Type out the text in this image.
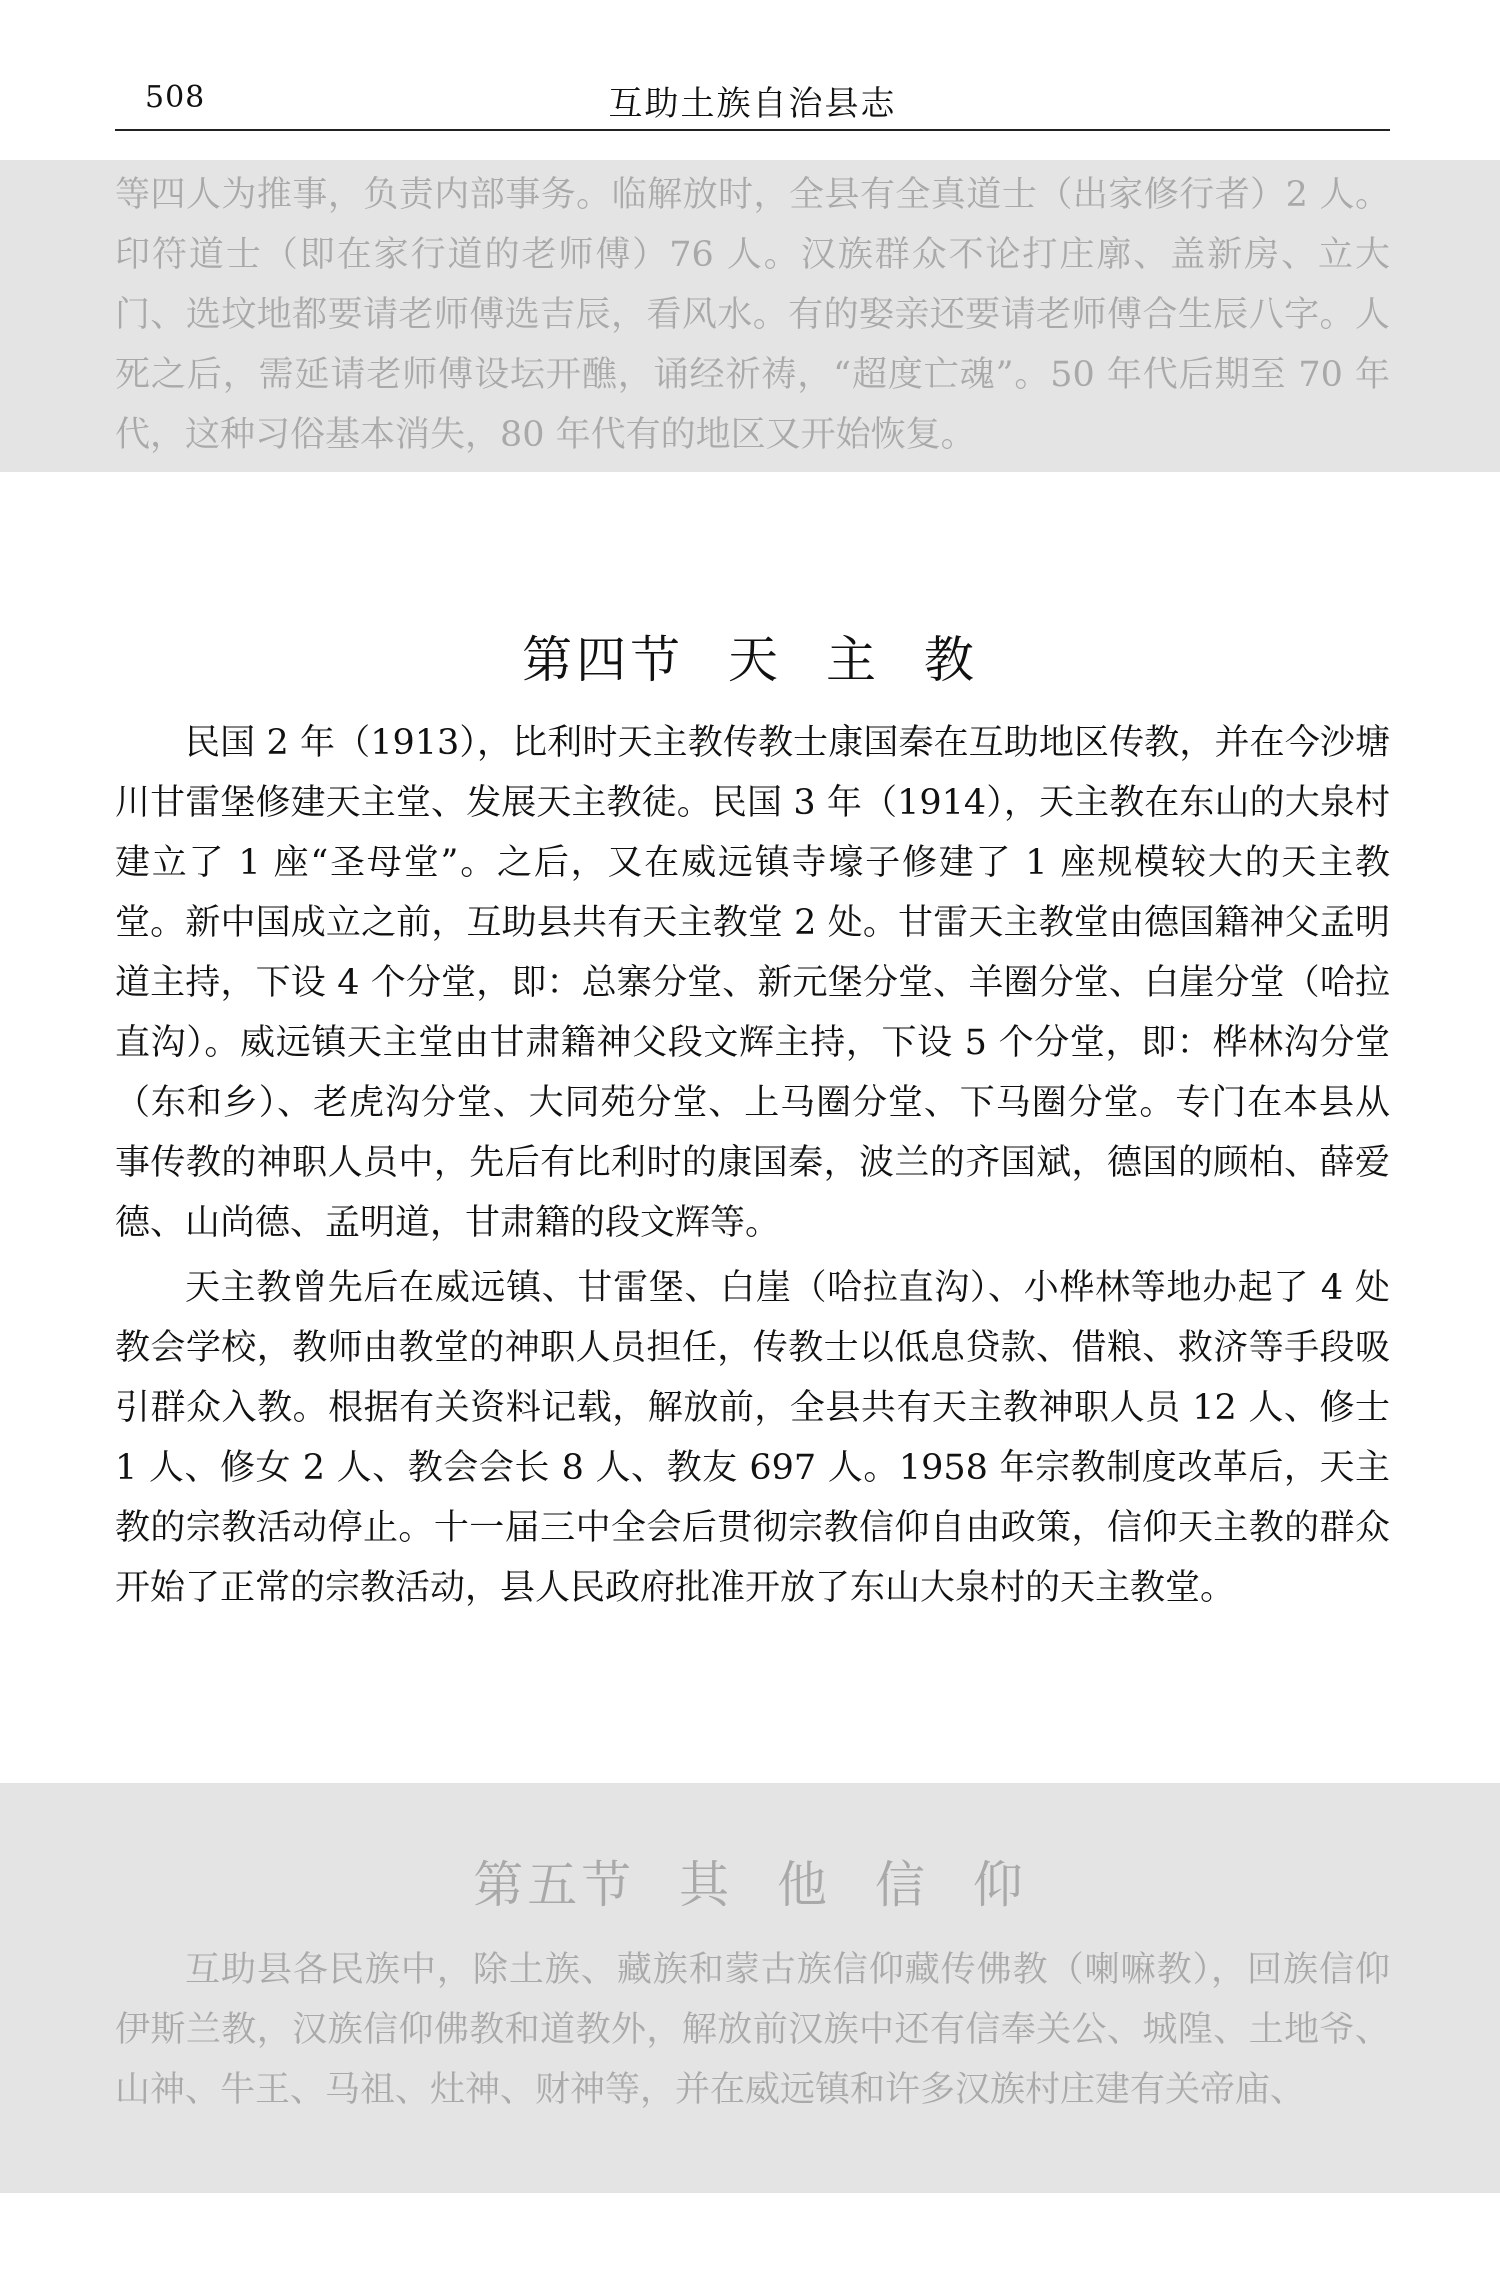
508	互助土族自治县志

等四人为推事，负责内部事务。临解放时，全县有全真道士（出家修行者）2 人。印符道士（即在家行道的老师傅）76 人。汉族群众不论打庄廓、盖新房、立大门、选坟地都要请老师傅选吉辰，看风水。有的娶亲还要请老师傅合生辰八字。人死之后，需延请老师傅设坛开醮，诵经祈祷，“超度亡魂”。50 年代后期至 70 年代，这种习俗基本消失，80 年代有的地区又开始恢复。

第四节 天 主 教

民国 2 年（1913），比利时天主教传教士康国秦在互助地区传教，并在今沙塘川甘雷堡修建天主堂、发展天主教徒。民国 3 年（1914），天主教在东山的大泉村建立了 1 座“圣母堂”。之后，又在威远镇寺壕子修建了 1 座规模较大的天主教堂。新中国成立之前，互助县共有天主教堂 2 处。甘雷天主教堂由德国籍神父孟明道主持，下设 4 个分堂，即：总寨分堂、新元堡分堂、羊圈分堂、白崖分堂（哈拉直沟）。威远镇天主堂由甘肃籍神父段文辉主持，下设 5 个分堂，即：桦林沟分堂（东和乡）、老虎沟分堂、大同苑分堂、上马圈分堂、下马圈分堂。专门在本县从事传教的神职人员中，先后有比利时的康国秦，波兰的齐国斌，德国的顾柏、薛爱德、山尚德、孟明道，甘肃籍的段文辉等。

天主教曾先后在威远镇、甘雷堡、白崖（哈拉直沟）、小桦林等地办起了 4 处教会学校，教师由教堂的神职人员担任，传教士以低息贷款、借粮、救济等手段吸引群众入教。根据有关资料记载，解放前，全县共有天主教神职人员 12 人、修士 1 人、修女 2 人、教会会长 8 人、教友 697 人。1958 年宗教制度改革后，天主教的宗教活动停止。十一届三中全会后贯彻宗教信仰自由政策，信仰天主教的群众开始了正常的宗教活动，县人民政府批准开放了东山大泉村的天主教堂。

第五节 其 他 信 仰

互助县各民族中，除土族、藏族和蒙古族信仰藏传佛教（喇嘛教），回族信仰伊斯兰教，汉族信仰佛教和道教外，解放前汉族中还有信奉关公、城隍、土地爷、山神、牛王、马祖、灶神、财神等，并在威远镇和许多汉族村庄建有关帝庙、
